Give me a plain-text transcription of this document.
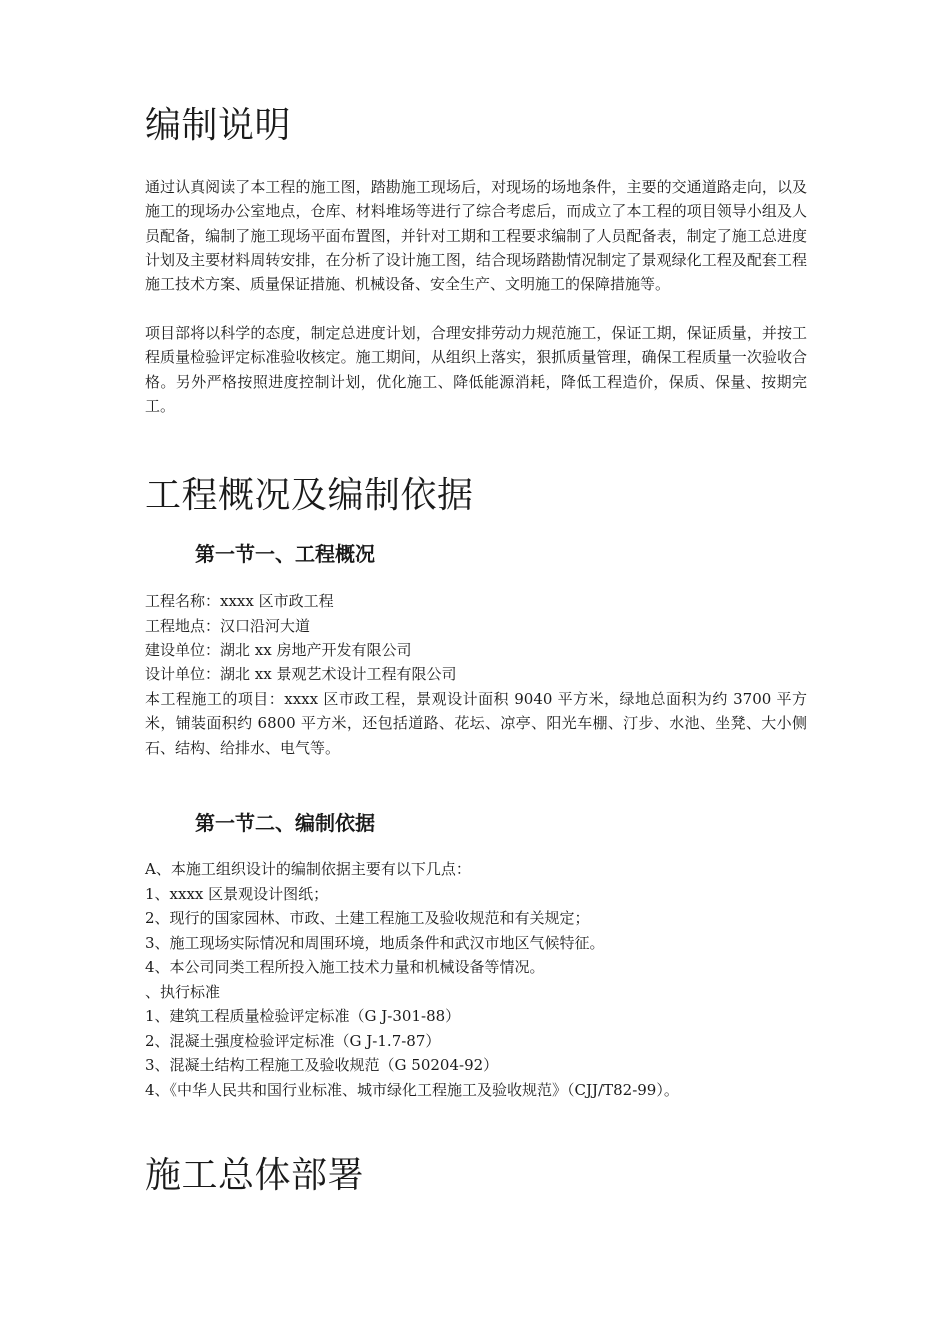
编制说明

通过认真阅读了本工程的施工图，踏勘施工现场后，对现场的场地条件，主要的交通道路走向，以及施工的现场办公室地点，仓库、材料堆场等进行了综合考虑后，而成立了本工程的项目领导小组及人员配备，编制了施工现场平面布置图，并针对工期和工程要求编制了人员配备表，制定了施工总进度计划及主要材料周转安排，在分析了设计施工图，结合现场踏勘情况制定了景观绿化工程及配套工程施工技术方案、质量保证措施、机械设备、安全生产、文明施工的保障措施等。

项目部将以科学的态度，制定总进度计划，合理安排劳动力规范施工，保证工期，保证质量，并按工程质量检验评定标准验收核定。施工期间，从组织上落实，狠抓质量管理，确保工程质量一次验收合格。另外严格按照进度控制计划，优化施工、降低能源消耗，降低工程造价，保质、保量、按期完工。

工程概况及编制依据
第一节一、工程概况

工程名称：xxxx 区市政工程

工程地点：汉口沿河大道

建设单位：湖北 xx 房地产开发有限公司

设计单位：湖北 xx 景观艺术设计工程有限公司

本工程施工的项目：xxxx 区市政工程，景观设计面积 9040 平方米，绿地总面积为约 3700 平方米，铺装面积约 6800 平方米，还包括道路、花坛、凉亭、阳光车棚、汀步、水池、坐凳、大小侧石、结构、给排水、电气等。

第一节二、编制依据

A、本施工组织设计的编制依据主要有以下几点：

1、xxxx 区景观设计图纸；

2、现行的国家园林、市政、土建工程施工及验收规范和有关规定；

3、施工现场实际情况和周围环境，地质条件和武汉市地区气候特征。

4、本公司同类工程所投入施工技术力量和机械设备等情况。

、执行标准

1、建筑工程质量检验评定标准（G J-301-88）

2、混凝土强度检验评定标准（G J-1.7-87）

3、混凝土结构工程施工及验收规范（G 50204-92）

4、《中华人民共和国行业标准、城市绿化工程施工及验收规范》（CJJ/T82-99）。

施工总体部署
